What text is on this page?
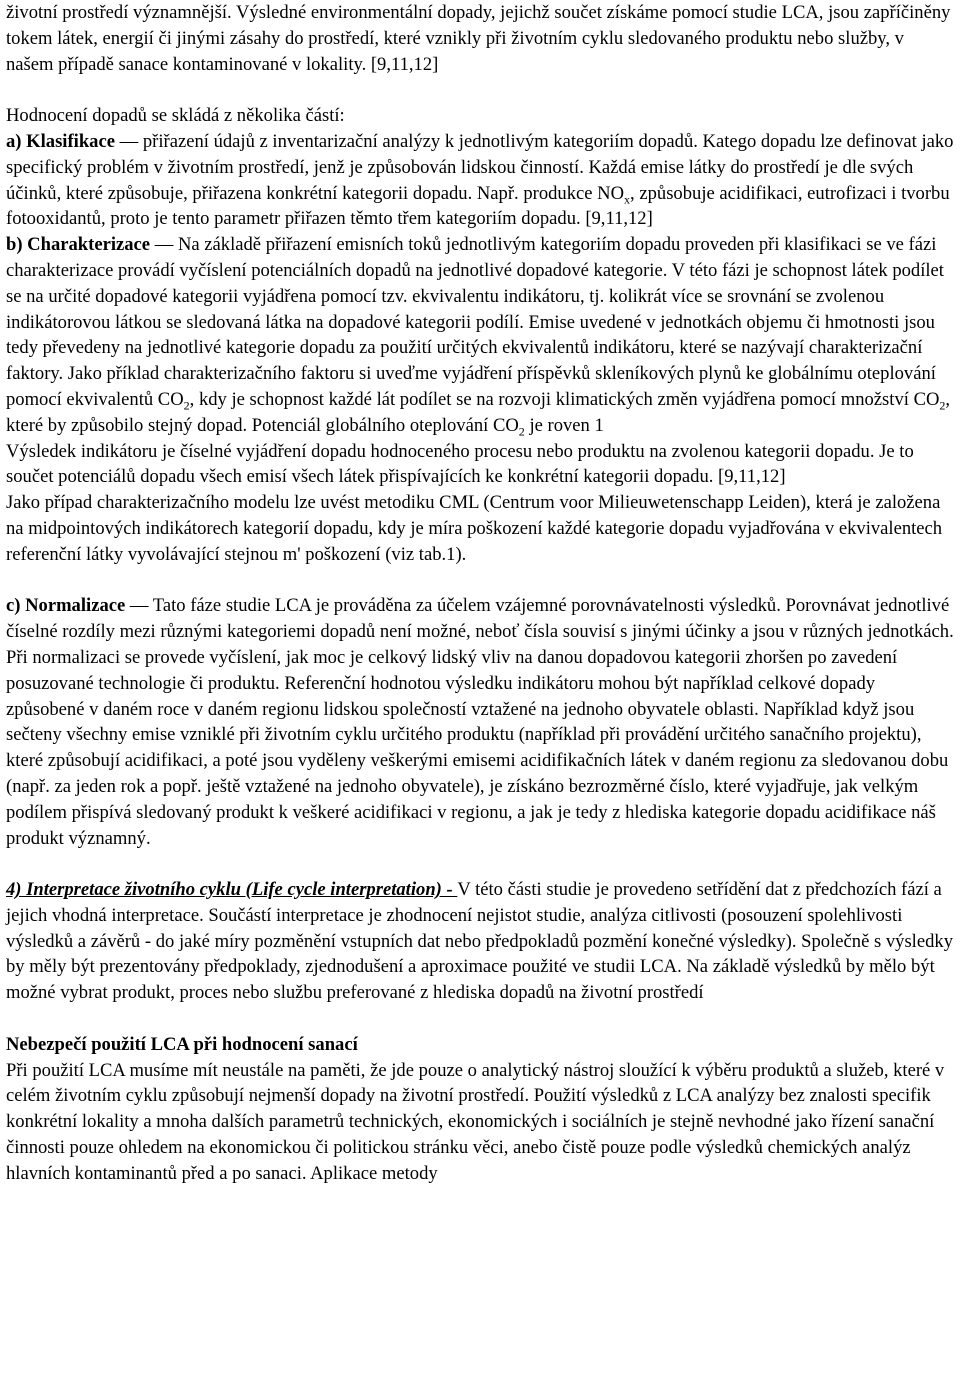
životní prostředí významnější. Výsledné environmentální dopady, jejichž součet získáme pomocí studie LCA, jsou zapříčiněny tokem látek, energií či jinými zásahy do prostředí, které vznikly při životním cyklu sledovaného produktu nebo služby, v našem případě sanace kontaminované v lokality. [9,11,12]

Hodnocení dopadů se skládá z několika částí:

a) Klasifikace — přiřazení údajů z inventarizační analýzy k jednotlivým kategoriím dopadů. Katego dopadu lze definovat jako specifický problém v životním prostředí, jenž je způsobován lidskou činností. Každá emise látky do prostředí je dle svých účinků, které způsobuje, přiřazena konkrétní kategorii dopadu. Např. produkce $NO_x$, způsobuje acidifikaci, eutrofizaci i tvorbu fotooxidantů, proto je tento parametr přiřazen těmto třem kategoriím dopadu. [9,11,12]

b) Charakterizace — Na základě přiřazení emisních toků jednotlivým kategoriím dopadu proveden při klasifikaci se ve fázi charakterizace provádí vyčíslení potenciálních dopadů na jednotlivé dopadové kategorie. V této fázi je schopnost látek podílet se na určité dopadové kategorii vyjádřena pomocí tzv. ekvivalentu indikátoru, tj. kolikrát více se srovnání se zvolenou indikátorovou látkou se sledovaná látka na dopadové kategorii podílí. Emise uvedené v jednotkách objemu či hmotnosti jsou tedy převedeny na jednotlivé kategorie dopadu za použití určitých ekvivalentů indikátoru, které se nazývají charakterizační faktory. Jako příklad charakterizačního faktoru si uveďme vyjádření příspěvků skleníkových plynů ke globálnímu oteplování pomocí ekvivalentů $CO_2$, kdy je schopnost každé lát podílet se na rozvoji klimatických změn vyjádřena pomocí množství $CO_2$, které by způsobilo stejný dopad. Potenciál globálního oteplování $CO_2$ je roven 1

Výsledek indikátoru je číselné vyjádření dopadu hodnoceného procesu nebo produktu na zvolenou kategorii dopadu. Je to součet potenciálů dopadu všech emisí všech látek přispívajících ke konkrétní kategorii dopadu. [9,11,12]

Jako případ charakterizačního modelu lze uvést metodiku CML (Centrum voor Milieuwetenschapp Leiden), která je založena na midpointových indikátorech kategorií dopadu, kdy je míra poškození každé kategorie dopadu vyjadřována v ekvivalentech referenční látky vyvolávající stejnou m' poškození (viz tab.1).

c) Normalizace — Tato fáze studie LCA je prováděna za účelem vzájemné porovnávatelnosti výsledků. Porovnávat jednotlivé číselné rozdíly mezi různými kategoriemi dopadů není možné, neboť čísla souvisí s jinými účinky a jsou v různých jednotkách. Při normalizaci se provede vyčíslení, jak moc je celkový lidský vliv na danou dopadovou kategorii zhoršen po zavedení posuzované technologie či produktu. Referenční hodnotou výsledku indikátoru mohou být například celkové dopady způsobené v daném roce v daném regionu lidskou společností vztažené na jednoho obyvatele oblasti. Například když jsou sečteny všechny emise vzniklé při životním cyklu určitého produktu (například při provádění určitého sanačního projektu), které způsobují acidifikaci, a poté jsou vyděleny veškerými emisemi acidifikačních látek v daném regionu za sledovanou dobu (např. za jeden rok a popř. ještě vztažené na jednoho obyvatele), je získáno bezrozměrné číslo, které vyjadřuje, jak velkým podílem přispívá sledovaný produkt k veškeré acidifikaci v regionu, a jak je tedy z hlediska kategorie dopadu acidifikace náš produkt významný.

4) Interpretace životního cyklu (Life cycle interpretation) - V této části studie je provedeno setřídění dat z předchozích fází a jejich vhodná interpretace. Součástí interpretace je zhodnocení nejistot studie, analýza citlivosti (posouzení spolehlivosti výsledků a závěrů - do jaké míry pozměnění vstupních dat nebo předpokladů pozmění konečné výsledky). Společně s výsledky by měly být prezentovány předpoklady, zjednodušení a aproximace použité ve studii LCA. Na základě výsledků by mělo být možné vybrat produkt, proces nebo službu preferované z hlediska dopadů na životní prostředí

Nebezpečí použití LCA při hodnocení sanací

Při použití LCA musíme mít neustále na paměti, že jde pouze o analytický nástroj sloužící k výběru produktů a služeb, které v celém životním cyklu způsobují nejmenší dopady na životní prostředí. Použití výsledků z LCA analýzy bez znalosti specifik konkrétní lokality a mnoha dalších parametrů technických, ekonomických i sociálních je stejně nevhodné jako řízení sanační činnosti pouze ohledem na ekonomickou či politickou stránku věci, anebo čistě pouze podle výsledků chemických analýz hlavních kontaminantů před a po sanaci. Aplikace metody
